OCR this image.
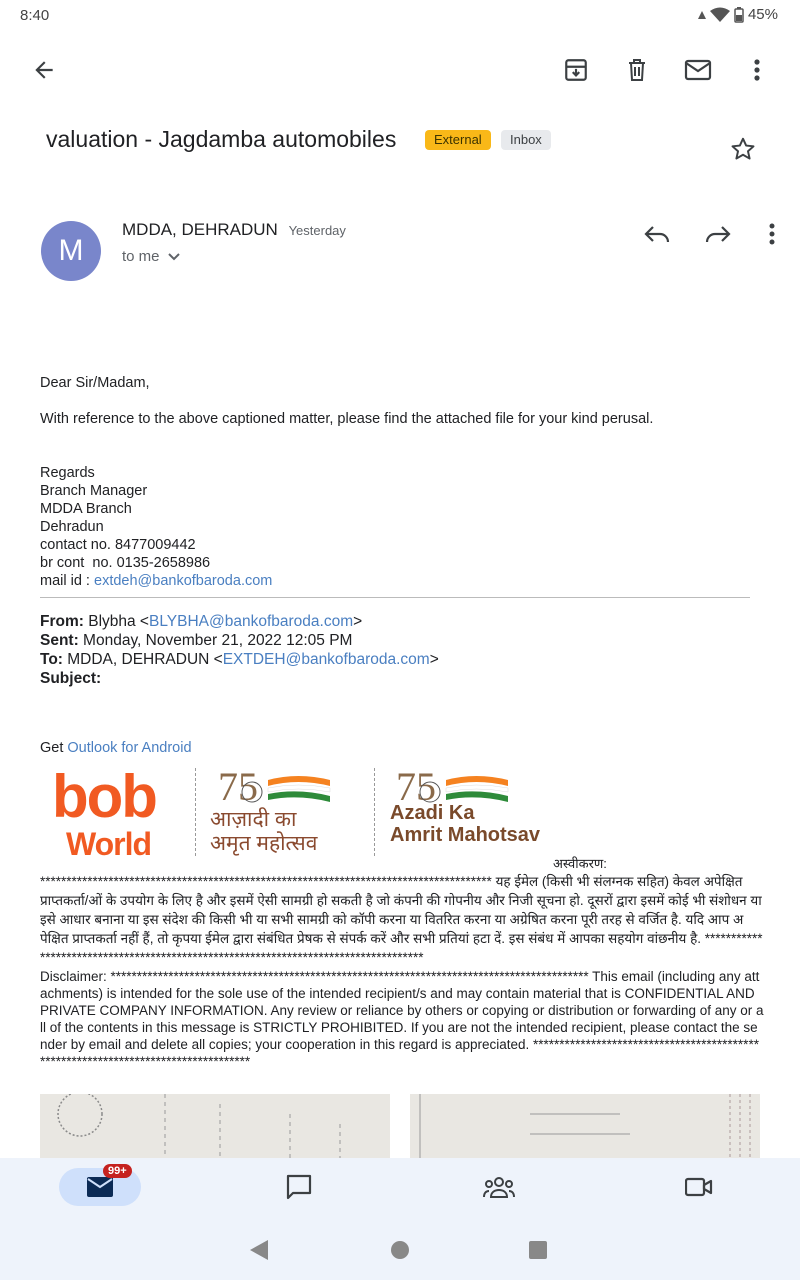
8:40	45%
valuation - Jagdamba automobiles	External	Inbox
M
MDDA, DEHRADUN Yesterday
to me
Dear Sir/Madam,
With reference to the above captioned matter, please find the attached file for your kind perusal.
Regards
Branch Manager
MDDA Branch
Dehradun
contact no. 8477009442
br cont  no. 0135-2658986
mail id : extdeh@bankofbaroda.com
From: Blybha <BLYBHA@bankofbaroda.com>
Sent: Monday, November 21, 2022 12:05 PM
To: MDDA, DEHRADUN <EXTDEH@bankofbaroda.com>
Subject:
Get Outlook for Android
bob
World
75
आज़ादी का
अमृत महोत्सव
75
Azadi Ka
Amrit Mahotsav
अस्वीकरण:
************************************************************************************** यह ईमेल (किसी भी संलग्नक सहित) केवल अपेक्षित प्राप्तकर्ता/ओं के उपयोग के लिए है और इसमें ऐसी सामग्री हो सकती है जो कंपनी की गोपनीय और निजी सूचना हो. दूसरों द्वारा इसमें कोई भी संशोधन या इसे आधार बनाना या इस संदेश की किसी भी या सभी सामग्री को कॉपी करना या वितरित करना या अग्रेषित करना पूरी तरह से वर्जित है. यदि आप अपेक्षित प्राप्तकर्ता नहीं हैं, तो कृपया ईमेल द्वारा संबंधित प्रेषक से संपर्क करें और सभी प्रतियां हटा दें. इस संबंध में आपका सहयोग वांछनीय है. ************************************************************************************
Disclaimer: ******************************************************************************************* This email (including any attachments) is intended for the sole use of the intended recipient/s and may contain material that is CONFIDENTIAL AND PRIVATE COMPANY INFORMATION. Any review or reliance by others or copying or distribution or forwarding of any or all of the contents in this message is STRICTLY PROHIBITED. If you are not the intended recipient, please contact the sender by email and delete all copies; your cooperation in this regard is appreciated. ***********************************************************************************
99+
